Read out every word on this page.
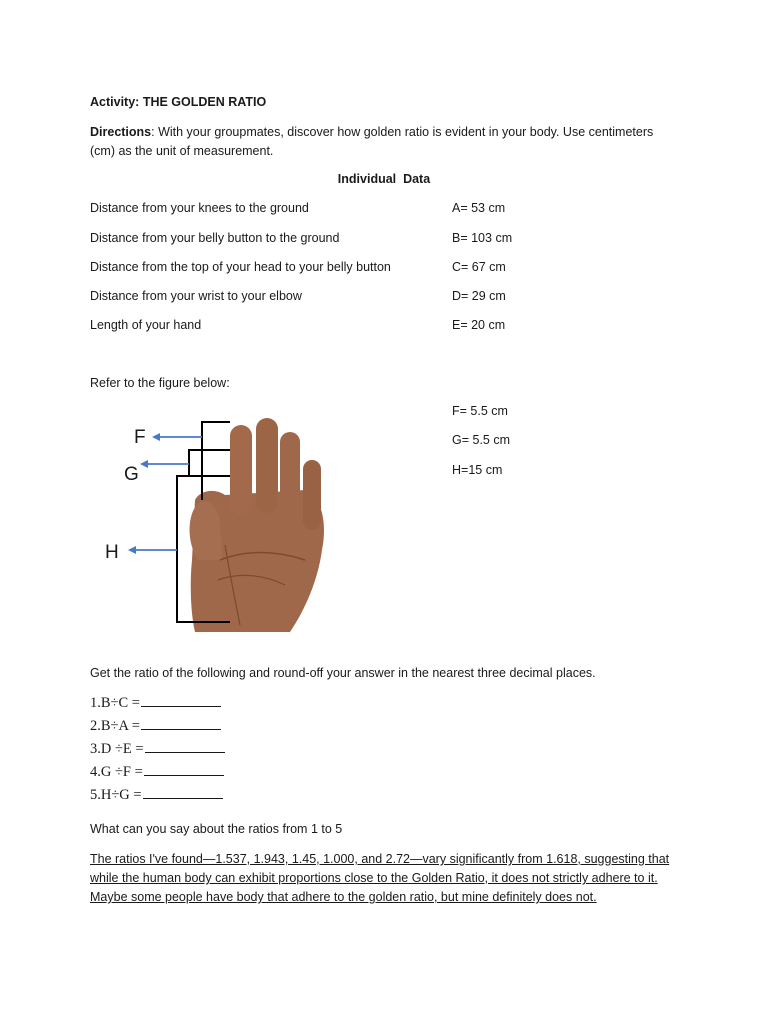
Activity: THE GOLDEN RATIO
Directions: With your groupmates, discover how golden ratio is evident in your body. Use centimeters (cm) as the unit of measurement.
Individual  Data
Distance from your knees to the ground	A= 53 cm
Distance from your belly button to the ground	B= 103 cm
Distance from the top of your head to your belly button	C= 67 cm
Distance from your wrist to your elbow	D= 29 cm
Length of your hand	E= 20 cm
Refer to the figure below:
F= 5.5 cm
G= 5.5 cm
H=15 cm
F
G
H
Get the ratio of the following and round-off your answer in the nearest three decimal places.

1.B÷C =

2.B÷A =

3.D ÷E =

4.G ÷F =

5.H÷G =

What can you say about the ratios from 1 to 5
The ratios I've found—1.537, 1.943, 1.45, 1.000, and 2.72—vary significantly from 1.618, suggesting that while the human body can exhibit proportions close to the Golden Ratio, it does not strictly adhere to it. Maybe some people have body that adhere to the golden ratio, but mine definitely does not.
